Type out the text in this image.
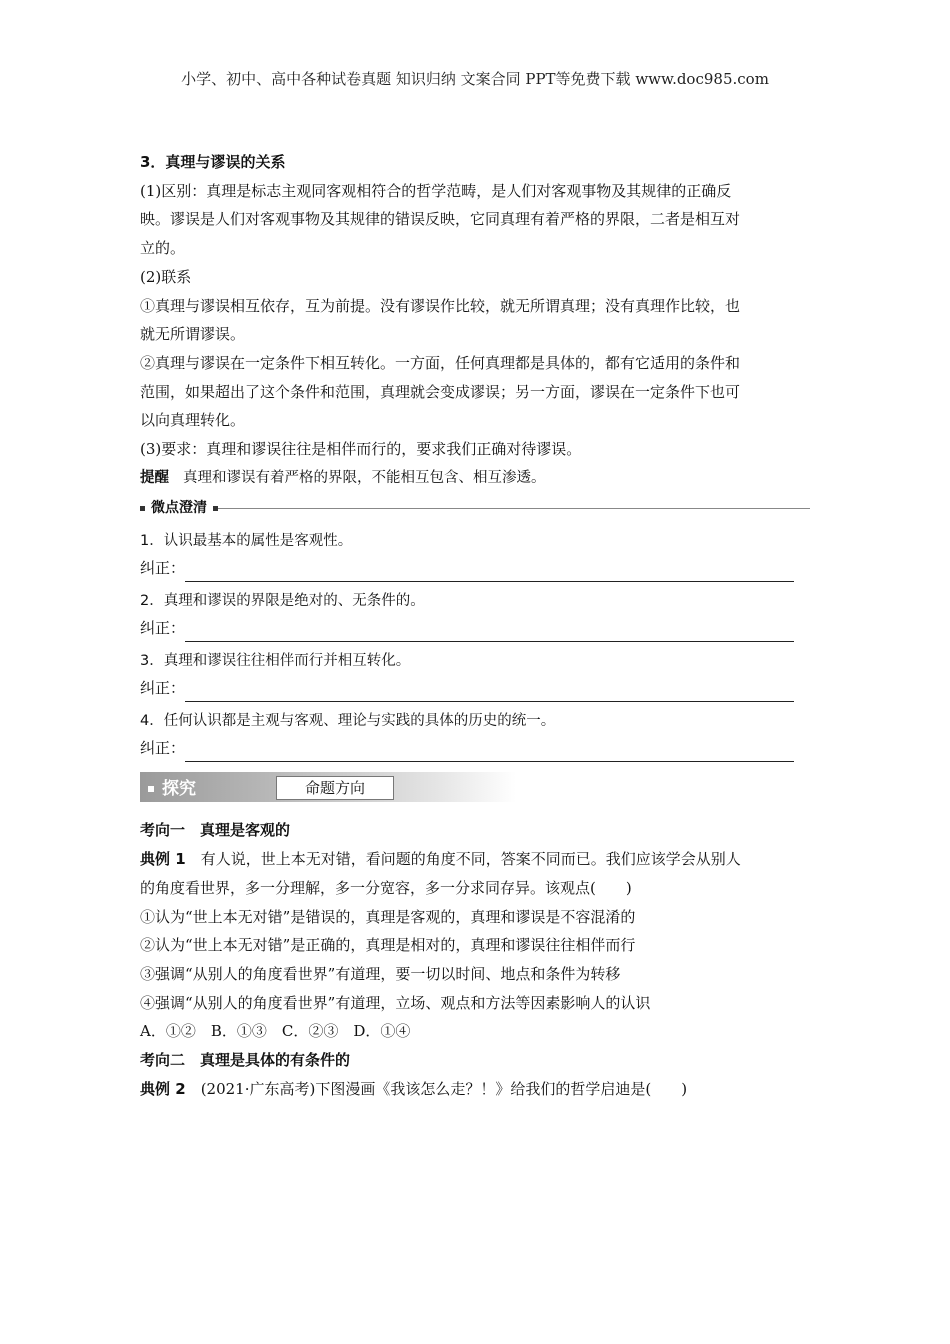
小学、初中、高中各种试卷真题 知识归纳 文案合同 PPT等免费下载 www.doc985.com

3．真理与谬误的关系

(1)区别：真理是标志主观同客观相符合的哲学范畴，是人们对客观事物及其规律的正确反

映。谬误是人们对客观事物及其规律的错误反映，它同真理有着严格的界限，二者是相互对

立的。

(2)联系

①真理与谬误相互依存，互为前提。没有谬误作比较，就无所谓真理；没有真理作比较，也

就无所谓谬误。

②真理与谬误在一定条件下相互转化。一方面，任何真理都是具体的，都有它适用的条件和

范围，如果超出了这个条件和范围，真理就会变成谬误；另一方面，谬误在一定条件下也可

以向真理转化。

(3)要求：真理和谬误往往是相伴而行的，要求我们正确对待谬误。

提醒 真理和谬误有着严格的界限，不能相互包含、相互渗透。

微点澄清
1．认识最基本的属性是客观性。
纠正：
2．真理和谬误的界限是绝对的、无条件的。
纠正：
3．真理和谬误往往相伴而行并相互转化。
纠正：
4．任何认识都是主观与客观、理论与实践的具体的历史的统一。
纠正：
探究	命题方向

考向一　真理是客观的

典例 1　 有人说，世上本无对错，看问题的角度不同，答案不同而已。我们应该学会从别人

的角度看世界，多一分理解，多一分宽容，多一分求同存异。该观点(　　)

①认为“世上本无对错”是错误的，真理是客观的，真理和谬误是不容混淆的

②认为“世上本无对错”是正确的，真理是相对的，真理和谬误往往相伴而行

③强调“从别人的角度看世界”有道理，要一切以时间、地点和条件为转移

④强调“从别人的角度看世界”有道理，立场、观点和方法等因素影响人的认识

A．①②　B．①③　C．②③　D．①④

考向二　真理是具体的有条件的

典例 2　 (2021·广东高考)下图漫画《我该怎么走？！》给我们的哲学启迪是(　　)
